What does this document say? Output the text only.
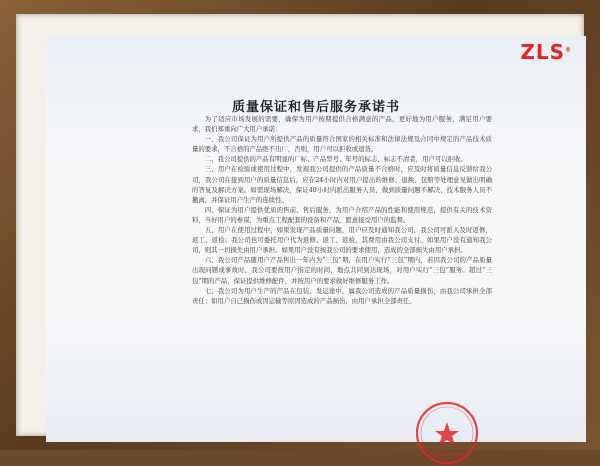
ZLS®
质量保证和售后服务承诺书

为了适应市场发展的需要，确保为用户按期提供合格满意的产品，更好地为用户服务、满足用户要求，我们郑重向广大用户承诺：

一、我公司保证为用户所提供产品的质量符合国家的相关标准和法律法规及合同中规定的产品技术质量的要求，不合格的产品绝不出厂，否则，用户可以拒收或退货。

二、我公司提供的产品有明显的厂标、产品型号、年号的标志，标志不清者，用户可以拒收。

三、用户在检验或使用过程中，发现我公司提供的产品质量不合格时，应及时将质量信息反馈给我公司，我公司在接到用户的质量信息后，应在24小时内对用户提出的维修、退换、包赔等处理意见做出明确的答复及解决方案。如需现场解决，保证48小时内派出服务人员，做到质量问题不解决，技术服务人员不撤离，并保证用户生产的连续性。

四、保证为用户提供优质的售前、售后服务，为用户介绍产品的性能和使用规范，提供有关的技术资料，当好用户的参谋，为重点工程配套的设备和产品，愿意接受用户的监督。

五、用户在使用过程中，如果发现产品质量问题，用户应及时通知我公司，我公司可派人及时返修，返工、返检；我公司也可委托用户代为返修、返工、返检，其费用由我公司支付。如果用户没有通知我公司，则其一切损失由用户承担。如果用户没有按我公司的要求使用，造成的全部损失由用户承担。

六、我公司产品随用户产品售出一年内为“三包”期，在用户实行“三包”期内，若因我公司的产品质量出现问题或事故时，我公司要按用户指定的时间、地点共同到达现场，对用户实行“三包”服务。超过“三包”期的产品，保证提供维修配件，并按用户的要求做好维修服务工作。

七、我公司为用户生产的产品在包装、发运途中，属我公司造成的产品质量损伤，由我公司承担全部责任；如用户自己损伤或因运输等原因造成的产品损伤，由用户承担全部责任。

质量保证专用章
